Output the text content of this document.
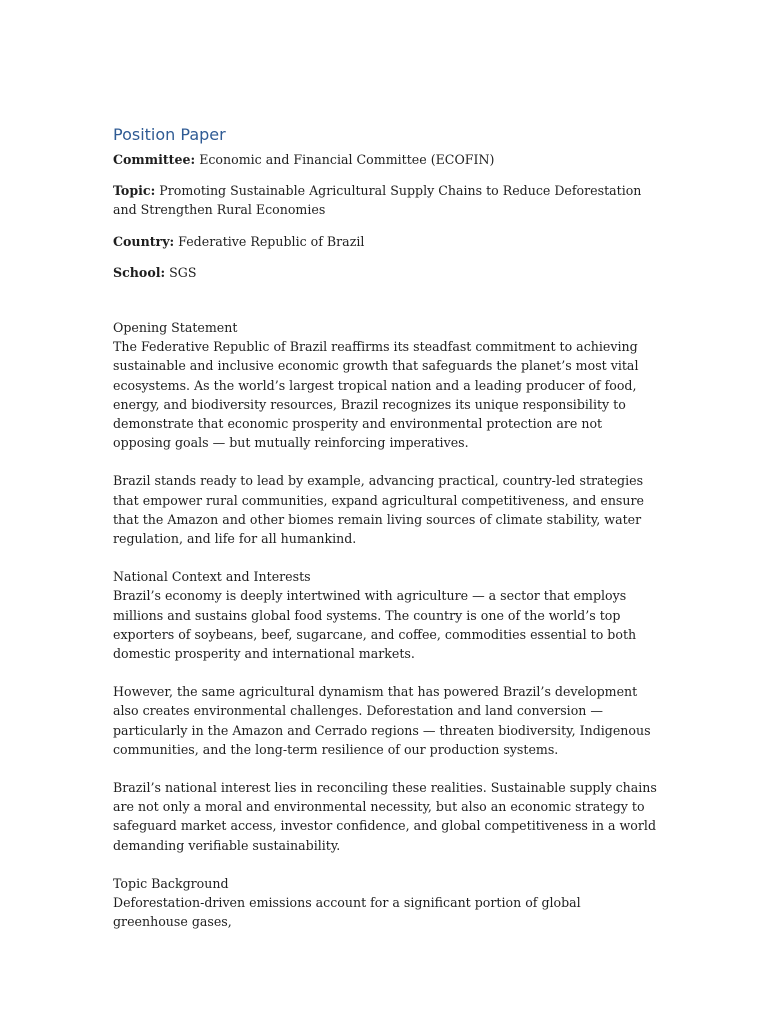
Position Paper

Committee: Economic and Financial Committee (ECOFIN)

Topic: Promoting Sustainable Agricultural Supply Chains to Reduce Deforestation and Strengthen Rural Economies

Country: Federative Republic of Brazil

School: SGS

Opening Statement

The Federative Republic of Brazil reaffirms its steadfast commitment to achieving sustainable and inclusive economic growth that safeguards the planet’s most vital ecosystems. As the world’s largest tropical nation and a leading producer of food, energy, and biodiversity resources, Brazil recognizes its unique responsibility to demonstrate that economic prosperity and environmental protection are not opposing goals — but mutually reinforcing imperatives.

Brazil stands ready to lead by example, advancing practical, country-led strategies that empower rural communities, expand agricultural competitiveness, and ensure that the Amazon and other biomes remain living sources of climate stability, water regulation, and life for all humankind.

National Context and Interests

Brazil’s economy is deeply intertwined with agriculture — a sector that employs millions and sustains global food systems. The country is one of the world’s top exporters of soybeans, beef, sugarcane, and coffee, commodities essential to both domestic prosperity and international markets.

However, the same agricultural dynamism that has powered Brazil’s development also creates environmental challenges. Deforestation and land conversion — particularly in the Amazon and Cerrado regions — threaten biodiversity, Indigenous communities, and the long-term resilience of our production systems.

Brazil’s national interest lies in reconciling these realities. Sustainable supply chains are not only a moral and environmental necessity, but also an economic strategy to safeguard market access, investor confidence, and global competitiveness in a world demanding verifiable sustainability.

Topic Background

Deforestation-driven emissions account for a significant portion of global greenhouse gases,
